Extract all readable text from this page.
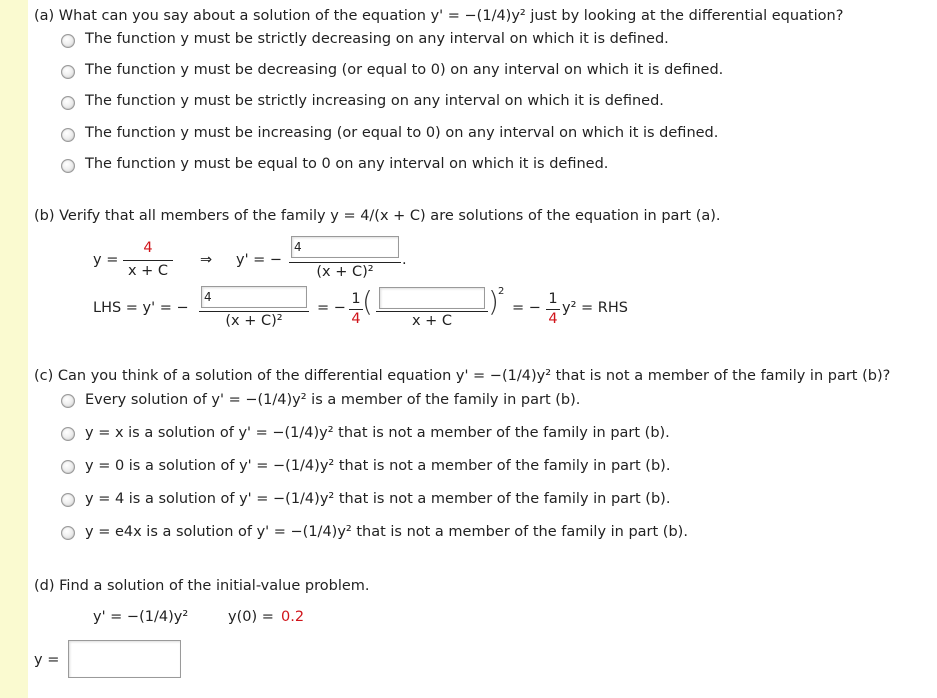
(a) What can you say about a solution of the equation y' = −(1/4)y² just by looking at the differential equation?
The function y must be strictly decreasing on any interval on which it is defined.
The function y must be decreasing (or equal to 0) on any interval on which it is defined.
The function y must be strictly increasing on any interval on which it is defined.
The function y must be increasing (or equal to 0) on any interval on which it is defined.
The function y must be equal to 0 on any interval on which it is defined.
(b) Verify that all members of the family y = 4/(x + C) are solutions of the equation in part (a).
y =
4
x + C
⇒ y' = −
4
(x + C)²
.
LHS = y' = −
4
(x + C)²
= −
1
4
(
x + C
) 2
= −
1
4
y² = RHS
(c) Can you think of a solution of the differential equation y' = −(1/4)y² that is not a member of the family in part (b)?
Every solution of y' = −(1/4)y² is a member of the family in part (b).
y = x is a solution of y' = −(1/4)y² that is not a member of the family in part (b).
y = 0 is a solution of y' = −(1/4)y² that is not a member of the family in part (b).
y = 4 is a solution of y' = −(1/4)y² that is not a member of the family in part (b).
y = e4x is a solution of y' = −(1/4)y² that is not a member of the family in part (b).
(d) Find a solution of the initial-value problem.
y' = −(1/4)y²	y(0) = 0.2
y =
